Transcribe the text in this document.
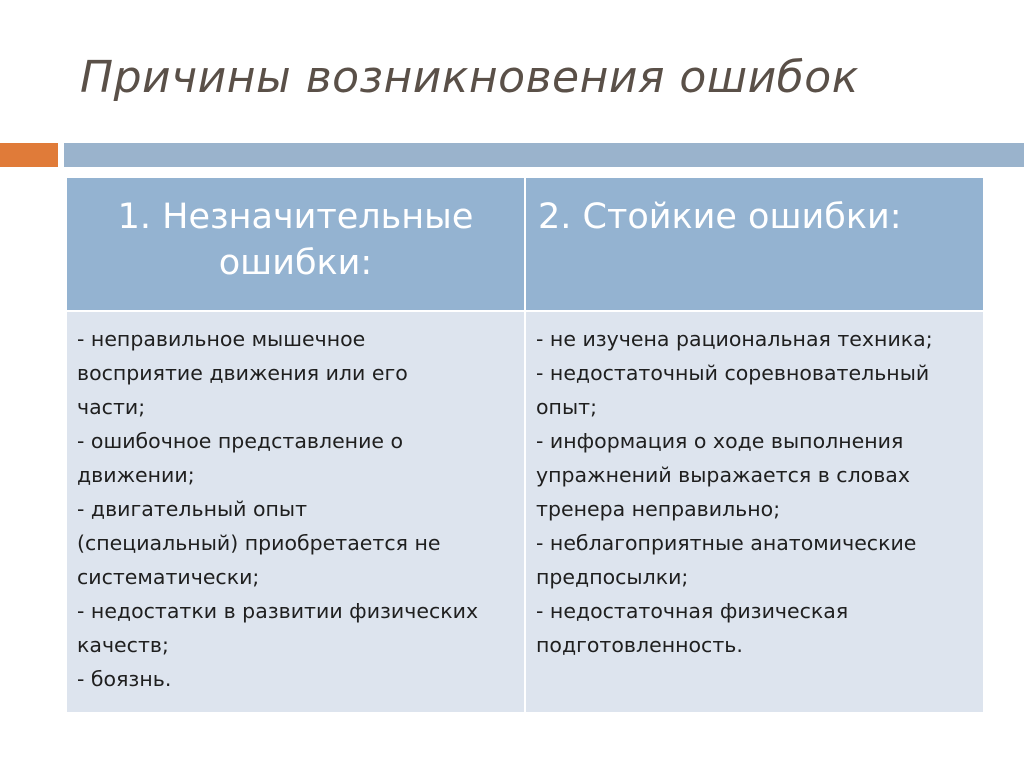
Причины возникновения ошибок
1. Незначительные ошибки:
2. Стойкие ошибки:
- неправильное мышечное
восприятие движения или его
части;
- ошибочное представление о
движении;
- двигательный опыт
(специальный) приобретается не
систематически;
- недостатки в развитии физических
качеств;
- боязнь.
- не изучена рациональная техника;
- недостаточный соревновательный
опыт;
- информация о ходе выполнения
упражнений выражается в словах
тренера неправильно;
- неблагоприятные анатомические
предпосылки;
- недостаточная физическая
подготовленность.
